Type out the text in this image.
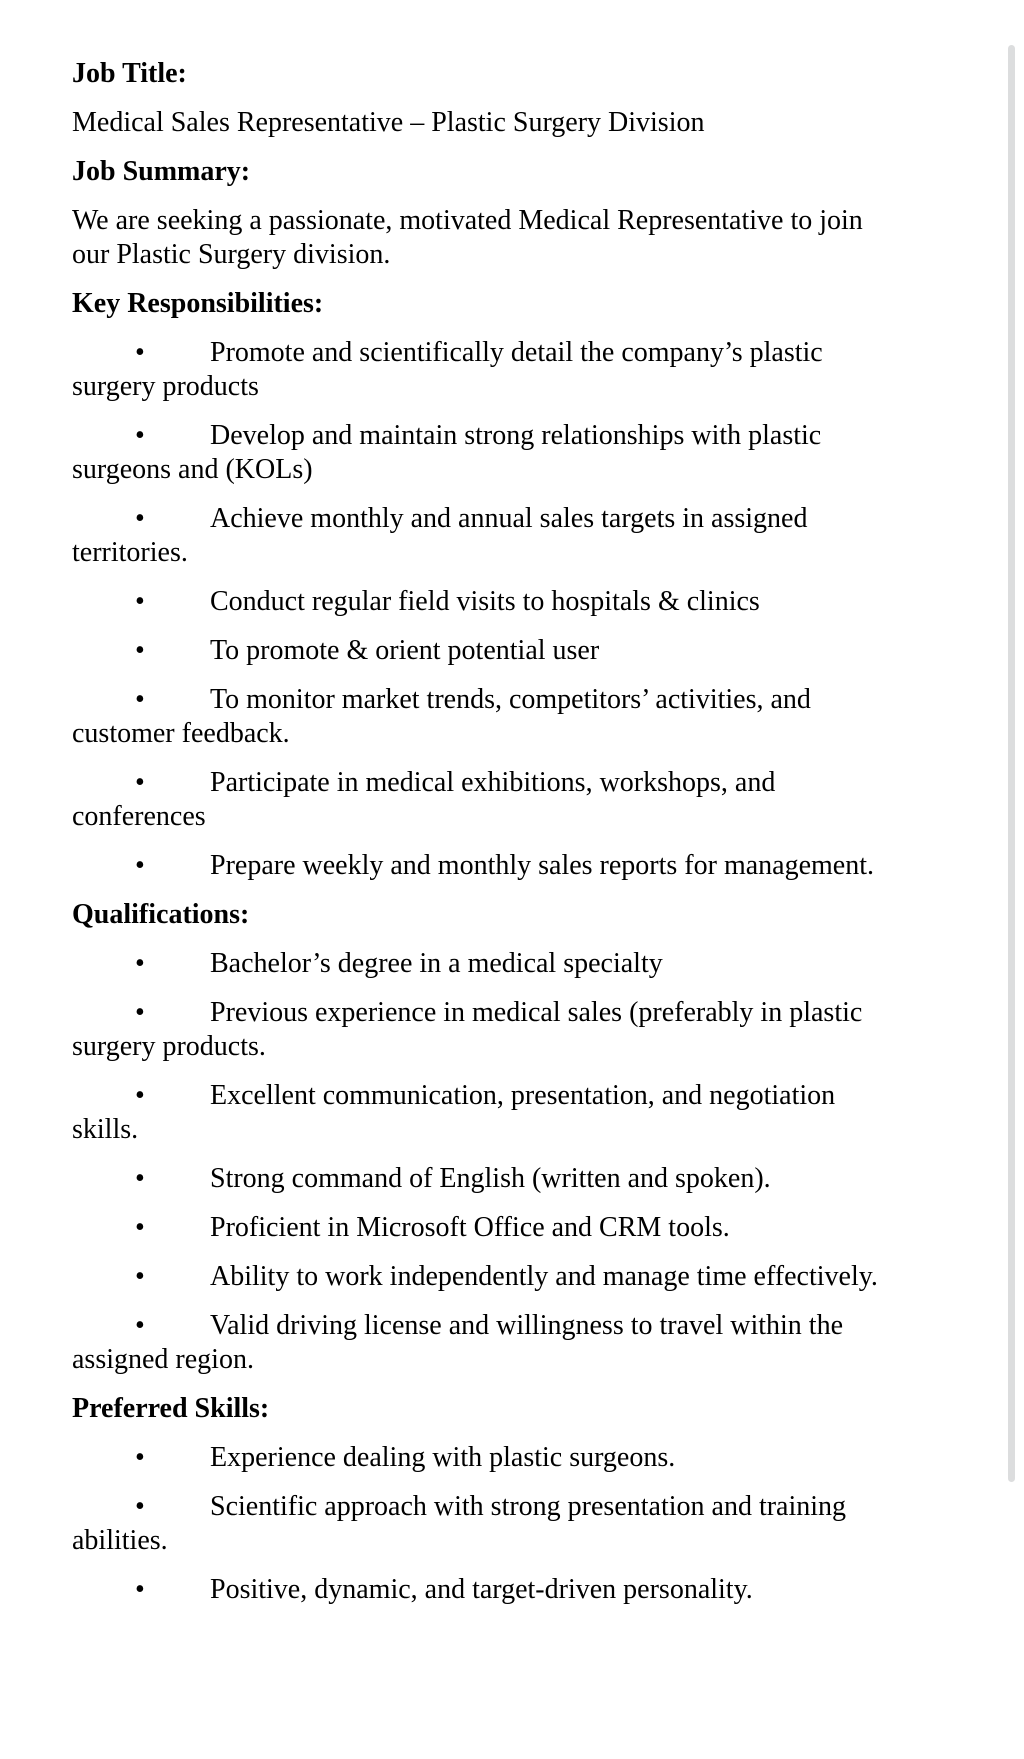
Job Title:

Medical Sales Representative – Plastic Surgery Division

Job Summary:

We are seeking a passionate, motivated Medical Representative to join
our Plastic Surgery division.

Key Responsibilities:

• Promote and scientifically detail the company’s plastic
surgery products

• Develop and maintain strong relationships with plastic
surgeons and (KOLs)

• Achieve monthly and annual sales targets in assigned
territories.

• Conduct regular field visits to hospitals & clinics

• To promote & orient potential user

• To monitor market trends, competitors’ activities, and
customer feedback.

• Participate in medical exhibitions, workshops, and
conferences

• Prepare weekly and monthly sales reports for management.

Qualifications:

• Bachelor’s degree in a medical specialty

• Previous experience in medical sales (preferably in plastic
surgery products.

• Excellent communication, presentation, and negotiation
skills.

• Strong command of English (written and spoken).

• Proficient in Microsoft Office and CRM tools.

• Ability to work independently and manage time effectively.

• Valid driving license and willingness to travel within the
assigned region.

Preferred Skills:

• Experience dealing with plastic surgeons.

• Scientific approach with strong presentation and training
abilities.

• Positive, dynamic, and target-driven personality.
